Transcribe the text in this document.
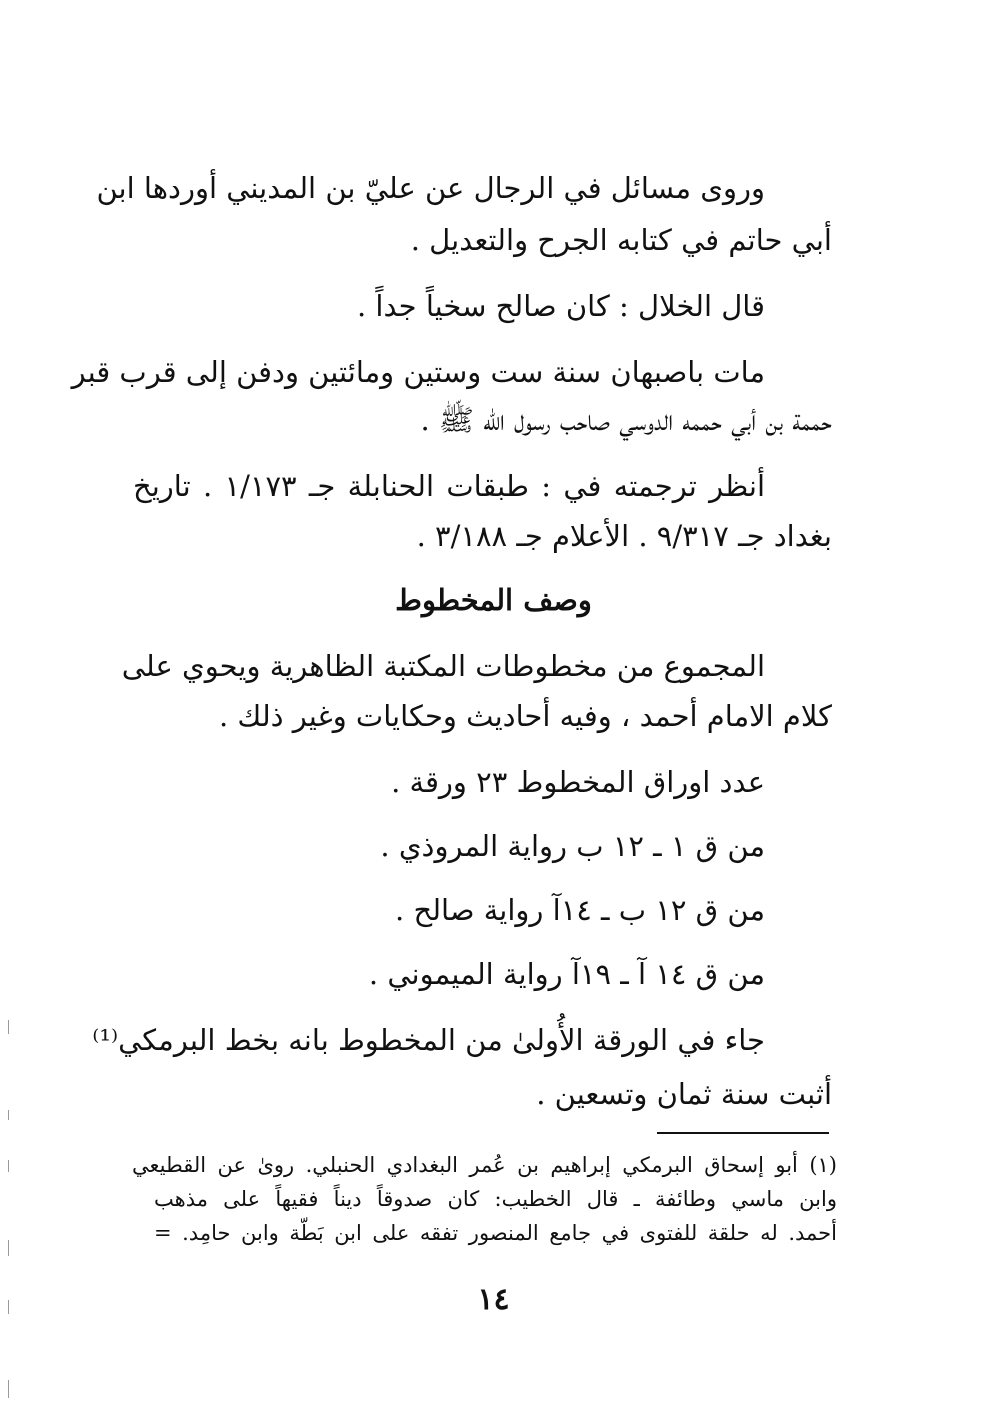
وروى مسائل في الرجال عن عليّ بن المديني أوردها ابن
أبي حاتم في كتابه الجرح والتعديل .
قال الخلال : كان صالح سخياً جداً .
مات باصبهان سنة ست وستين ومائتين ودفن إلى قرب قبر
حممة بن أبي حممه الدوسي صاحب رسول الله ﷺ .
أنظر ترجمته في : طبقات الحنابلة جـ ١/١٧٣ . تاريخ
بغداد جـ ٩/٣١٧ . الأعلام جـ ٣/١٨٨ .
وصف المخطوط
المجموع من مخطوطات المكتبة الظاهرية ويحوي على
كلام الامام أحمد ، وفيه أحاديث وحكايات وغير ذلك .
عدد اوراق المخطوط ٢٣ ورقة .
من ق ١ ـ ١٢ ب رواية المروذي .
من ق ١٢ ب ـ ١٤آ رواية صالح .
من ق ١٤ آ ـ ١٩آ رواية الميموني .
جاء في الورقة الأُولىٰ من المخطوط بانه بخط البرمكي⁽¹⁾
أثبت سنة ثمان وتسعين .
(١) أبو إسحاق البرمكي إبراهيم بن عُمر البغدادي الحنبلي. روىٰ عن القطيعي
وابن ماسي وطائفة ـ قال الخطيب: كان صدوقاً ديناً فقيهاً على مذهب
أحمد. له حلقة للفتوى في جامع المنصور تفقه على ابن بَطّة وابن حامِد. =
١٤
